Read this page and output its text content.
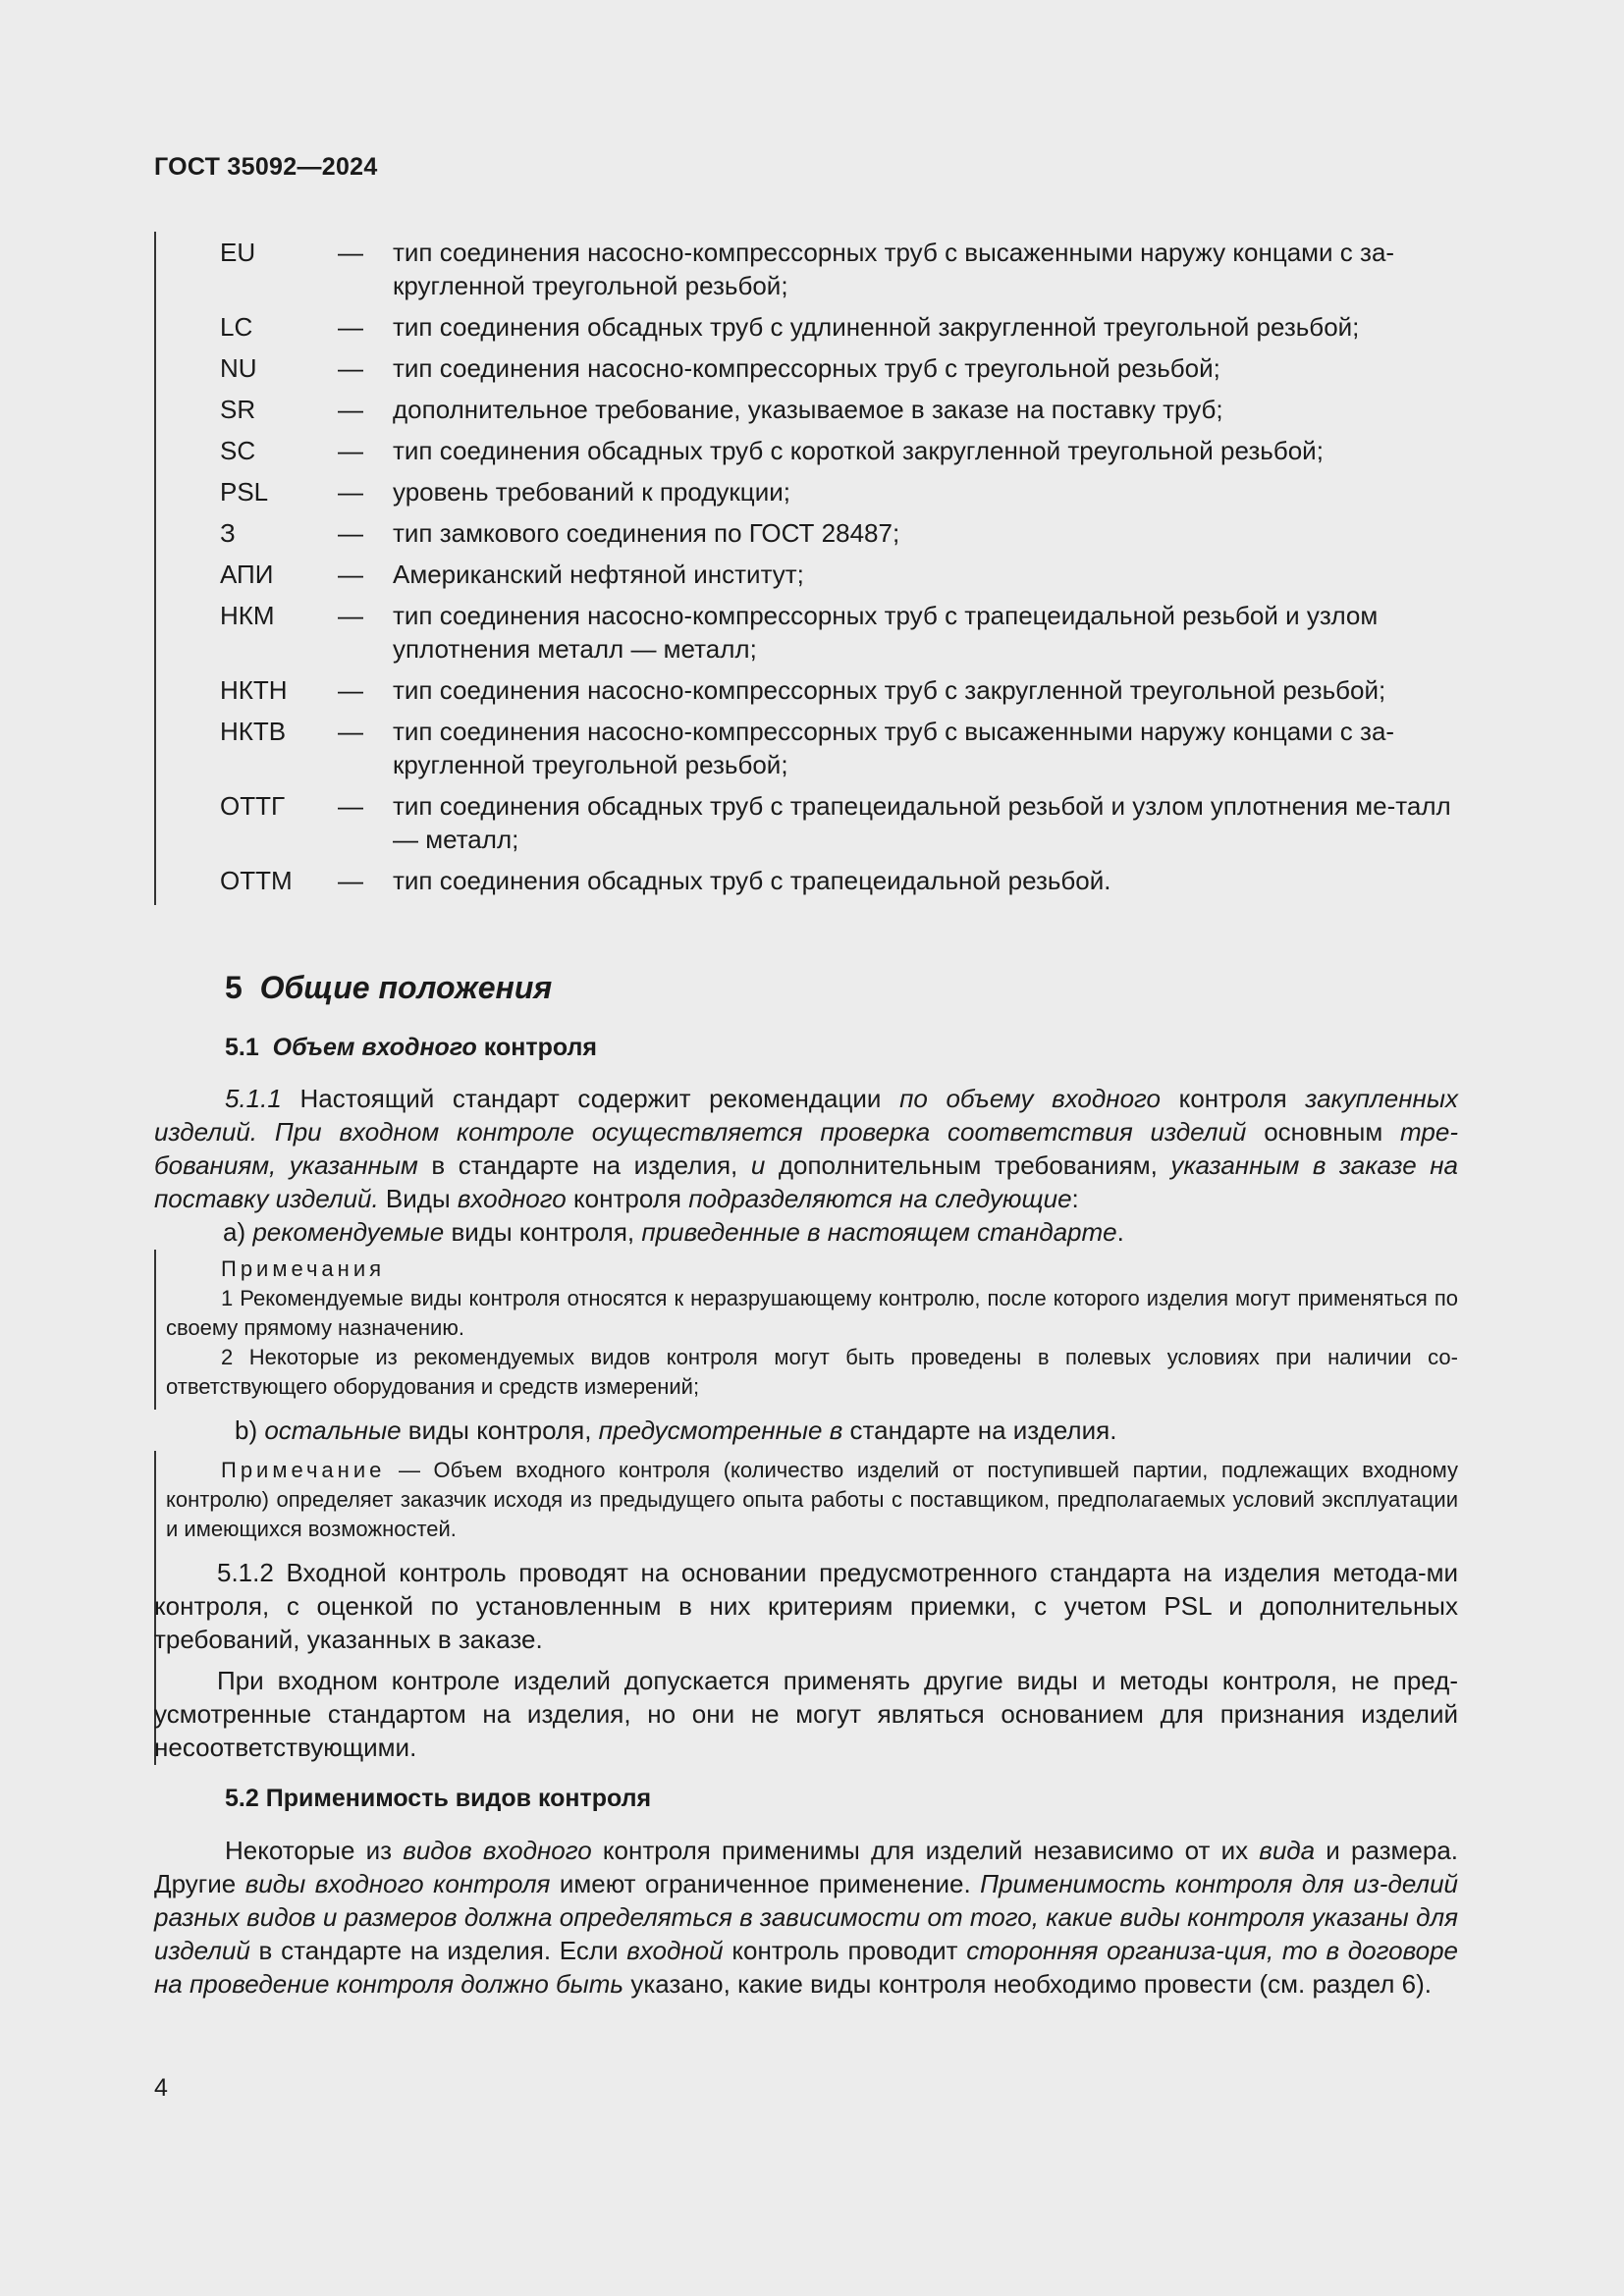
ГОСТ 35092—2024
EU	—	тип соединения насосно-компрессорных труб с высаженными наружу концами с за-кругленной треугольной резьбой;
LC	—	тип соединения обсадных труб с удлиненной закругленной треугольной резьбой;
NU	—	тип соединения насосно-компрессорных труб с треугольной резьбой;
SR	—	дополнительное требование, указываемое в заказе на поставку труб;
SC	—	тип соединения обсадных труб с короткой закругленной треугольной резьбой;
PSL	—	уровень требований к продукции;
З	—	тип замкового соединения по ГОСТ 28487;
АПИ	—	Американский нефтяной институт;
НКМ	—	тип соединения насосно-компрессорных труб с трапецеидальной резьбой и узлом уплотнения металл — металл;
НКТН	—	тип соединения насосно-компрессорных труб с закругленной треугольной резьбой;
НКТВ	—	тип соединения насосно-компрессорных труб с высаженными наружу концами с за-кругленной треугольной резьбой;
ОТТГ	—	тип соединения обсадных труб с трапецеидальной резьбой и узлом уплотнения ме-талл — металл;
ОТТМ	—	тип соединения обсадных труб с трапецеидальной резьбой.
5 Общие положения
5.1 Объем входного контроля

5.1.1 Настоящий стандарт содержит рекомендации по объему входного контроля закупленных изделий. При входном контроле осуществляется проверка соответствия изделий основным тре-бованиям, указанным в стандарте на изделия, и дополнительным требованиям, указанным в заказе на поставку изделий. Виды входного контроля подразделяются на следующие:

а) рекомендуемые виды контроля, приведенные в настоящем стандарте.

Примечания

1 Рекомендуемые виды контроля относятся к неразрушающему контролю, после которого изделия могут применяться по своему прямому назначению.

2 Некоторые из рекомендуемых видов контроля могут быть проведены в полевых условиях при наличии со-ответствующего оборудования и средств измерений;

b) остальные виды контроля, предусмотренные в стандарте на изделия.

Примечание — Объем входного контроля (количество изделий от поступившей партии, подлежащих входному контролю) определяет заказчик исходя из предыдущего опыта работы с поставщиком, предполагаемых условий эксплуатации и имеющихся возможностей.

5.1.2 Входной контроль проводят на основании предусмотренного стандарта на изделия метода-ми контроля, с оценкой по установленным в них критериям приемки, с учетом PSL и дополнительных требований, указанных в заказе.

При входном контроле изделий допускается применять другие виды и методы контроля, не пред-усмотренные стандартом на изделия, но они не могут являться основанием для признания изделий несоответствующими.

5.2 Применимость видов контроля

Некоторые из видов входного контроля применимы для изделий независимо от их вида и размера. Другие виды входного контроля имеют ограниченное применение. Применимость контроля для из-делий разных видов и размеров должна определяться в зависимости от того, какие виды контроля указаны для изделий в стандарте на изделия. Если входной контроль проводит сторонняя организа-ция, то в договоре на проведение контроля должно быть указано, какие виды контроля необходимо провести (см. раздел 6).

4
